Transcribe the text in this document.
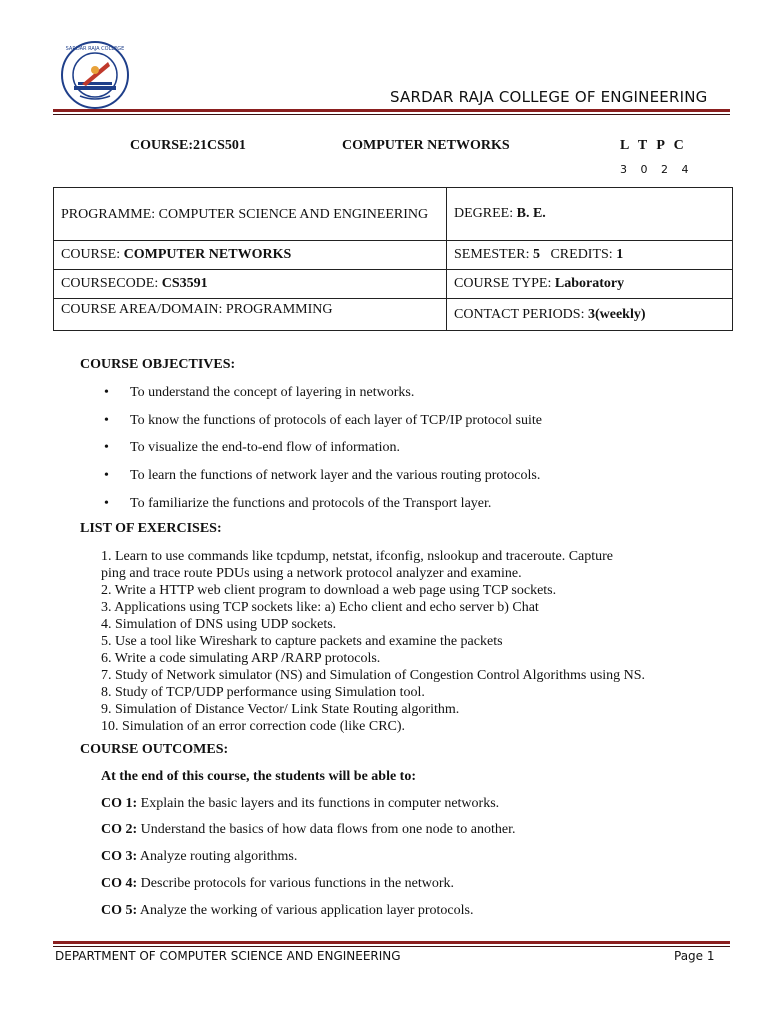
SARDAR RAJA COLLEGE
SARDAR RAJA COLLEGE OF ENGINEERING
COURSE:21CS501	COMPUTER NETWORKS	L T P C
3 0 2 4
PROGRAMME: COMPUTER SCIENCE AND ENGINEERING	DEGREE: B. E.
COURSE: COMPUTER NETWORKS	SEMESTER: 5 CREDITS: 1
COURSECODE: CS3591	COURSE TYPE: Laboratory
COURSE AREA/DOMAIN: PROGRAMMING	CONTACT PERIODS: 3(weekly)
COURSE OBJECTIVES:
• To understand the concept of layering in networks.
• To know the functions of protocols of each layer of TCP/IP protocol suite
• To visualize the end-to-end flow of information.
• To learn the functions of network layer and the various routing protocols.
• To familiarize the functions and protocols of the Transport layer.
LIST OF EXERCISES:
1. Learn to use commands like tcpdump, netstat, ifconfig, nslookup and traceroute. Capture
ping and trace route PDUs using a network protocol analyzer and examine.
2. Write a HTTP web client program to download a web page using TCP sockets.
3. Applications using TCP sockets like: a) Echo client and echo server b) Chat
4. Simulation of DNS using UDP sockets.
5. Use a tool like Wireshark to capture packets and examine the packets
6. Write a code simulating ARP /RARP protocols.
7. Study of Network simulator (NS) and Simulation of Congestion Control Algorithms using NS.
8. Study of TCP/UDP performance using Simulation tool.
9. Simulation of Distance Vector/ Link State Routing algorithm.
10. Simulation of an error correction code (like CRC).
COURSE OUTCOMES:
At the end of this course, the students will be able to:
CO 1: Explain the basic layers and its functions in computer networks.
CO 2: Understand the basics of how data flows from one node to another.
CO 3: Analyze routing algorithms.
CO 4: Describe protocols for various functions in the network.
CO 5: Analyze the working of various application layer protocols.
DEPARTMENT OF COMPUTER SCIENCE AND ENGINEERING	Page 1
